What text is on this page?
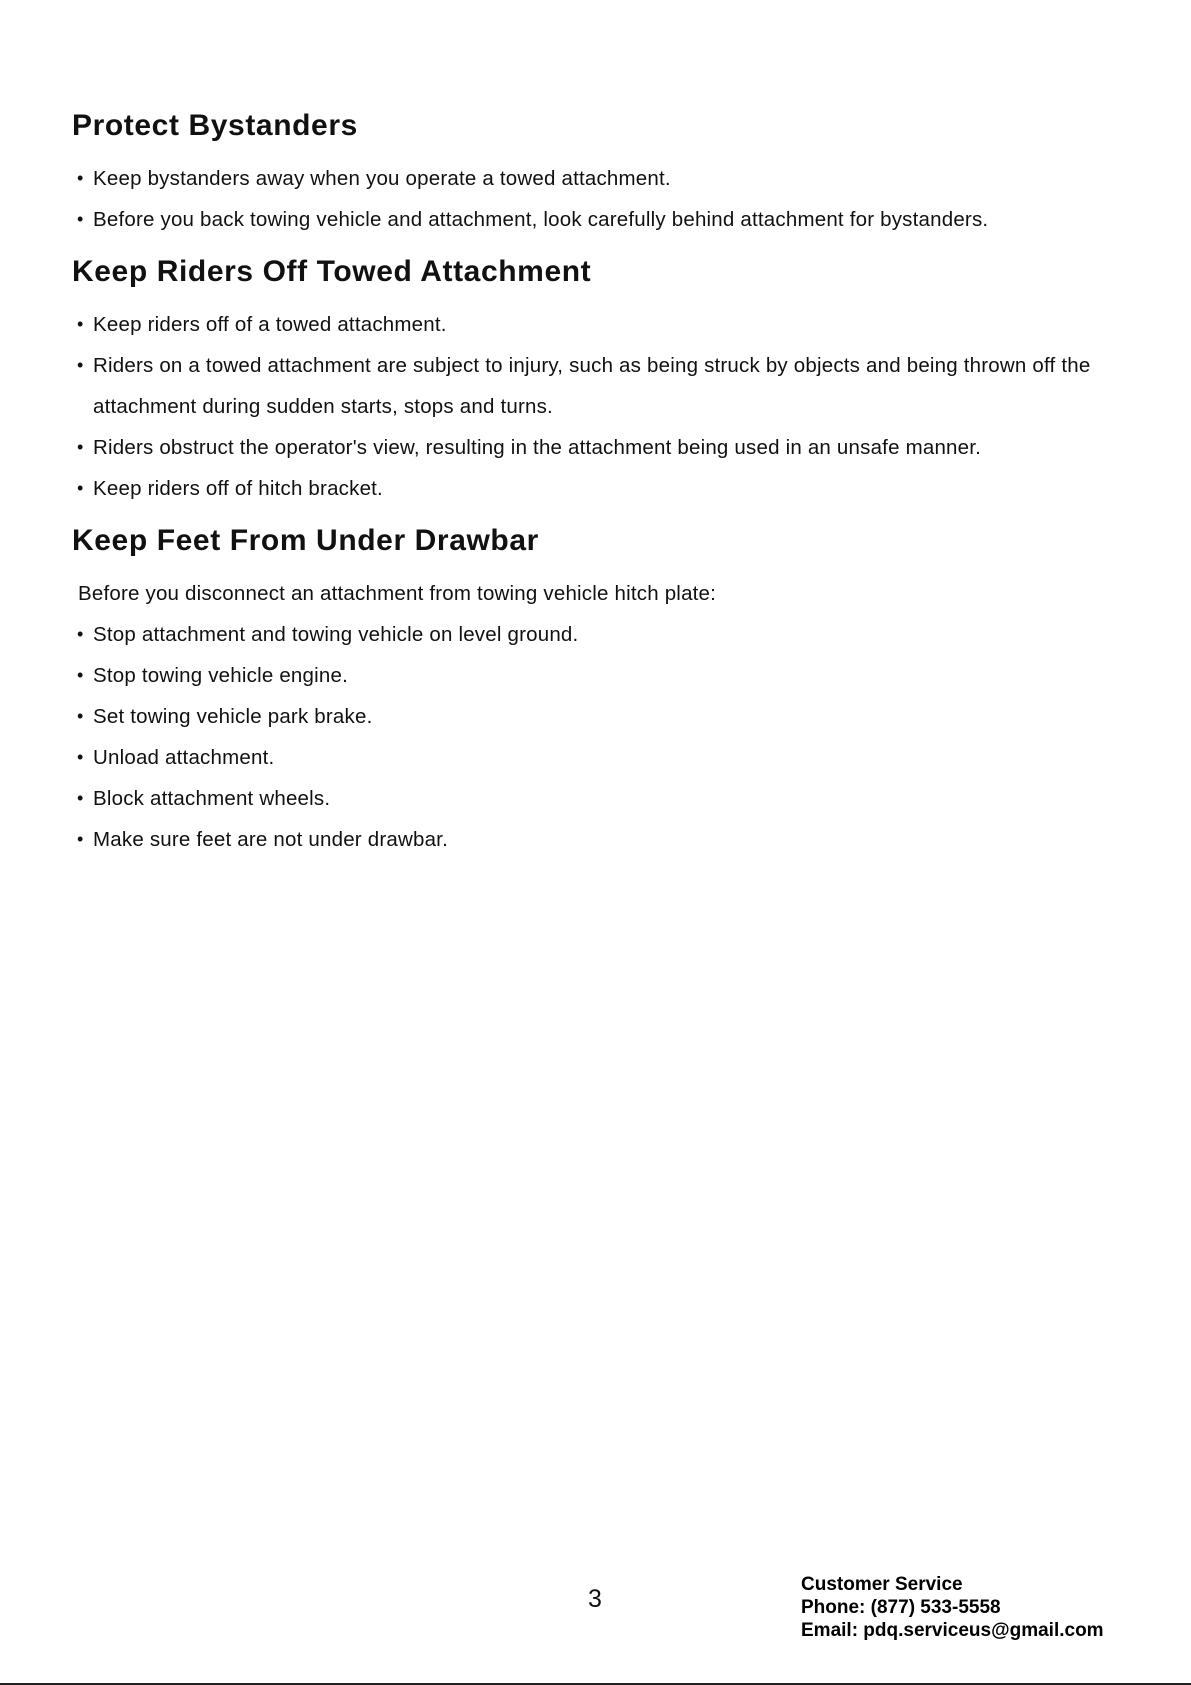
Protect Bystanders
• Keep bystanders away when you operate a towed attachment.
• Before you back towing vehicle and attachment, look carefully behind attachment for bystanders.
Keep Riders Off Towed Attachment
• Keep riders off of a towed attachment.
• Riders on a towed attachment are subject to injury, such as being struck by objects and being thrown off the attachment during sudden starts, stops and turns.
• Riders obstruct the operator's view, resulting in the attachment being used in an unsafe manner.
• Keep riders off of hitch bracket.
Keep Feet From Under Drawbar

Before you disconnect an attachment from towing vehicle hitch plate:

• Stop attachment and towing vehicle on level ground.
• Stop towing vehicle engine.
• Set towing vehicle park brake.
• Unload attachment.
• Block attachment wheels.
• Make sure feet are not under drawbar.
3
Customer Service
Phone: (877) 533-5558
Email: pdq.serviceus@gmail.com
